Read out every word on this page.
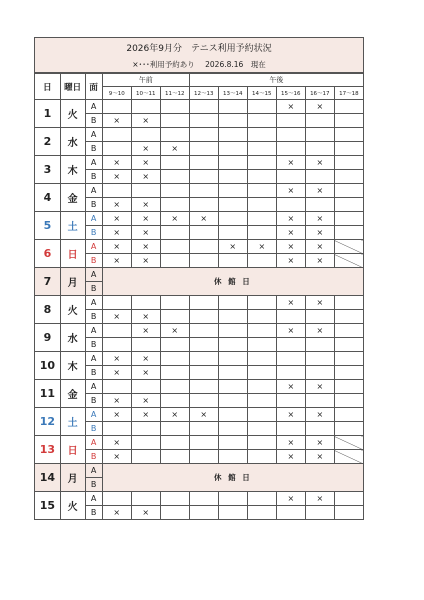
2026年9月分　テニス利用予約状況
×･･･利用予約あり 2026.8.16　現在
日	曜日	面	午前			午後					
			9～10	10～11	11～12	12～13	13～14	14～15	15～16	16～17	17～18
1	火	A							×	×	
		B	×	×							
2	水	A									
		B		×	×						
3	木	A	×	×					×	×	
		B	×	×							
4	金	A							×	×	
		B	×	×							
5	土	A	×	×	×	×			×	×	
		B	×	×					×	×	
6	日	A	×	×			×	×	×	×	
		B	×	×					×	×	
7	月	A	休 館 日								
		B									
8	火	A							×	×	
		B	×	×							
9	水	A		×	×				×	×	
		B									
10	木	A	×	×							
		B	×	×							
11	金	A							×	×	
		B	×	×							
12	土	A	×	×	×	×			×	×	
		B									
13	日	A	×						×	×	
		B	×						×	×	
14	月	A	休 館 日								
		B									
15	火	A							×	×	
		B	×	×							
